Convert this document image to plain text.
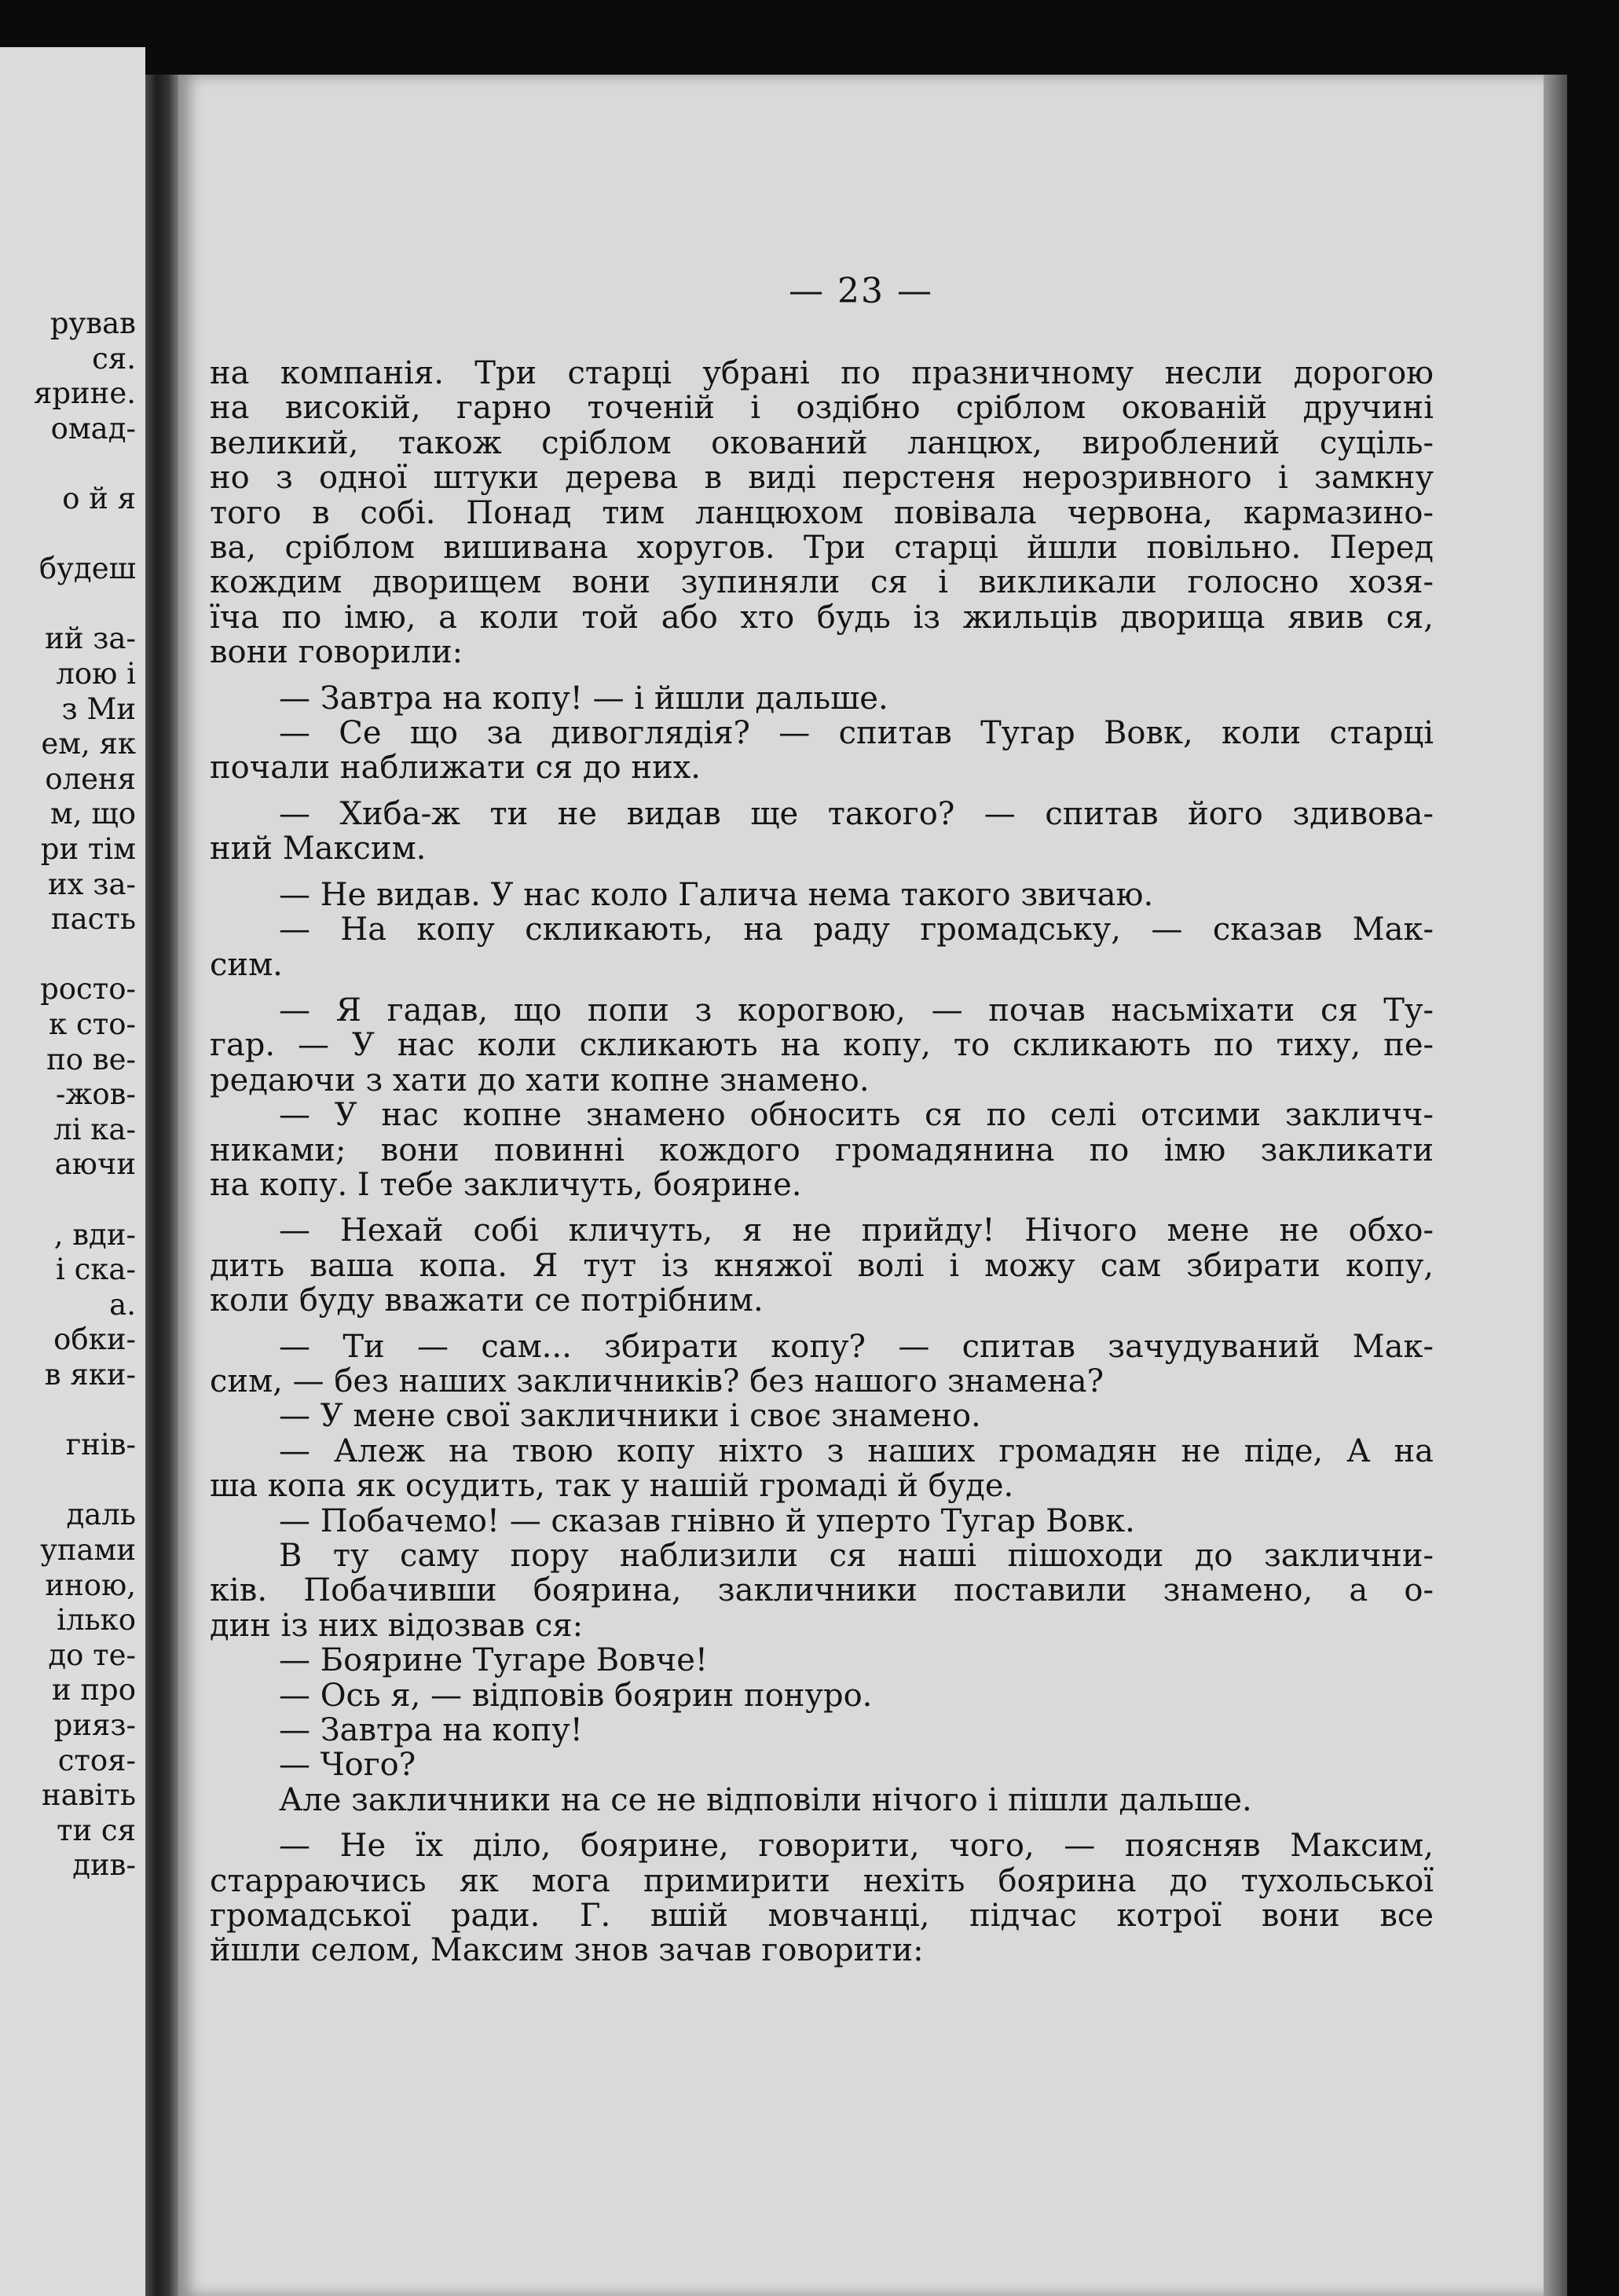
рував
ся.
ярине.
омад-
о й я
будеш
ий за-
лою і
з Ми
ем, як
оленя
м, що
ри тім
их за-
пасть
росто-
к сто-
по ве-
-жов-
лі ка-
аючи
, вди-
і ска-
а.
обки-
в яки-
гнів-
даль
упами
иною,
ілько
до те-
и про
рияз-
стоя-
навіть
ти ся
див-
— 23 —
на компанія. Три старці убрані по празничному несли дорогою
на високій, гарно точеній і оздібно сріблом окованій дручині
великий, також сріблом окований ланцюх, вироблений суціль-
но з одної штуки дерева в виді перстеня нерозривного і замкну
того в собі. Понад тим ланцюхом повівала червона, кармазино-
ва, сріблом вишивана хоругов. Три старці йшли повільно. Перед
кождим дворищем вони зупиняли ся і викликали голосно хозя-
їча по імю, а коли той або хто будь із жильців дворища явив ся,
вони говорили:
— Завтра на копу! — і йшли дальше.
— Се що за дивоглядія? — спитав Тугар Вовк, коли старці
почали наближати ся до них.
— Хиба-ж ти не видав ще такого? — спитав його здивова-
ний Максим.
— Не видав. У нас коло Галича нема такого звичаю.
— На копу скликають, на раду громадську, — сказав Мак-
сим.
— Я гадав, що попи з корогвою, — почав насьміхати ся Ту-
гар. — У нас коли скликають на копу, то скликають по тиху, пе-
редаючи з хати до хати копне знамено.
— У нас копне знамено обносить ся по селі отсими закличч-
никами; вони повинні кождого громадянина по імю закликати
на копу. І тебе закличуть, боярине.
— Нехай собі кличуть, я не прийду! Нічого мене не обхо-
дить ваша копа. Я тут із княжої волі і можу сам збирати копу,
коли буду вважати се потрібним.
— Ти — сам... збирати копу? — спитав зачудуваний Мак-
сим, — без наших закличників? без нашого знамена?
— У мене свої закличники і своє знамено.
— Алеж на твою копу ніхто з наших громадян не піде, А на
ша копа як осудить, так у нашій громаді й буде.
— Побачемо! — сказав гнівно й уперто Тугар Вовк.
В ту саму пору наблизили ся наші пішоходи до заклични-
ків. Побачивши боярина, закличники поставили знамено, а о-
дин із них відозвав ся:
— Боярине Тугаре Вовче!
— Ось я, — відповів боярин понуро.
— Завтра на копу!
— Чого?
Але закличники на се не відповіли нічого і пішли дальше.
— Не їх діло, боярине, говорити, чого, — поясняв Максим,
старраючись як мога примирити нехіть боярина до тухольської
громадської ради. Г. вшій мовчанці, підчас котрої вони все
йшли селом, Максим знов зачав говорити:
